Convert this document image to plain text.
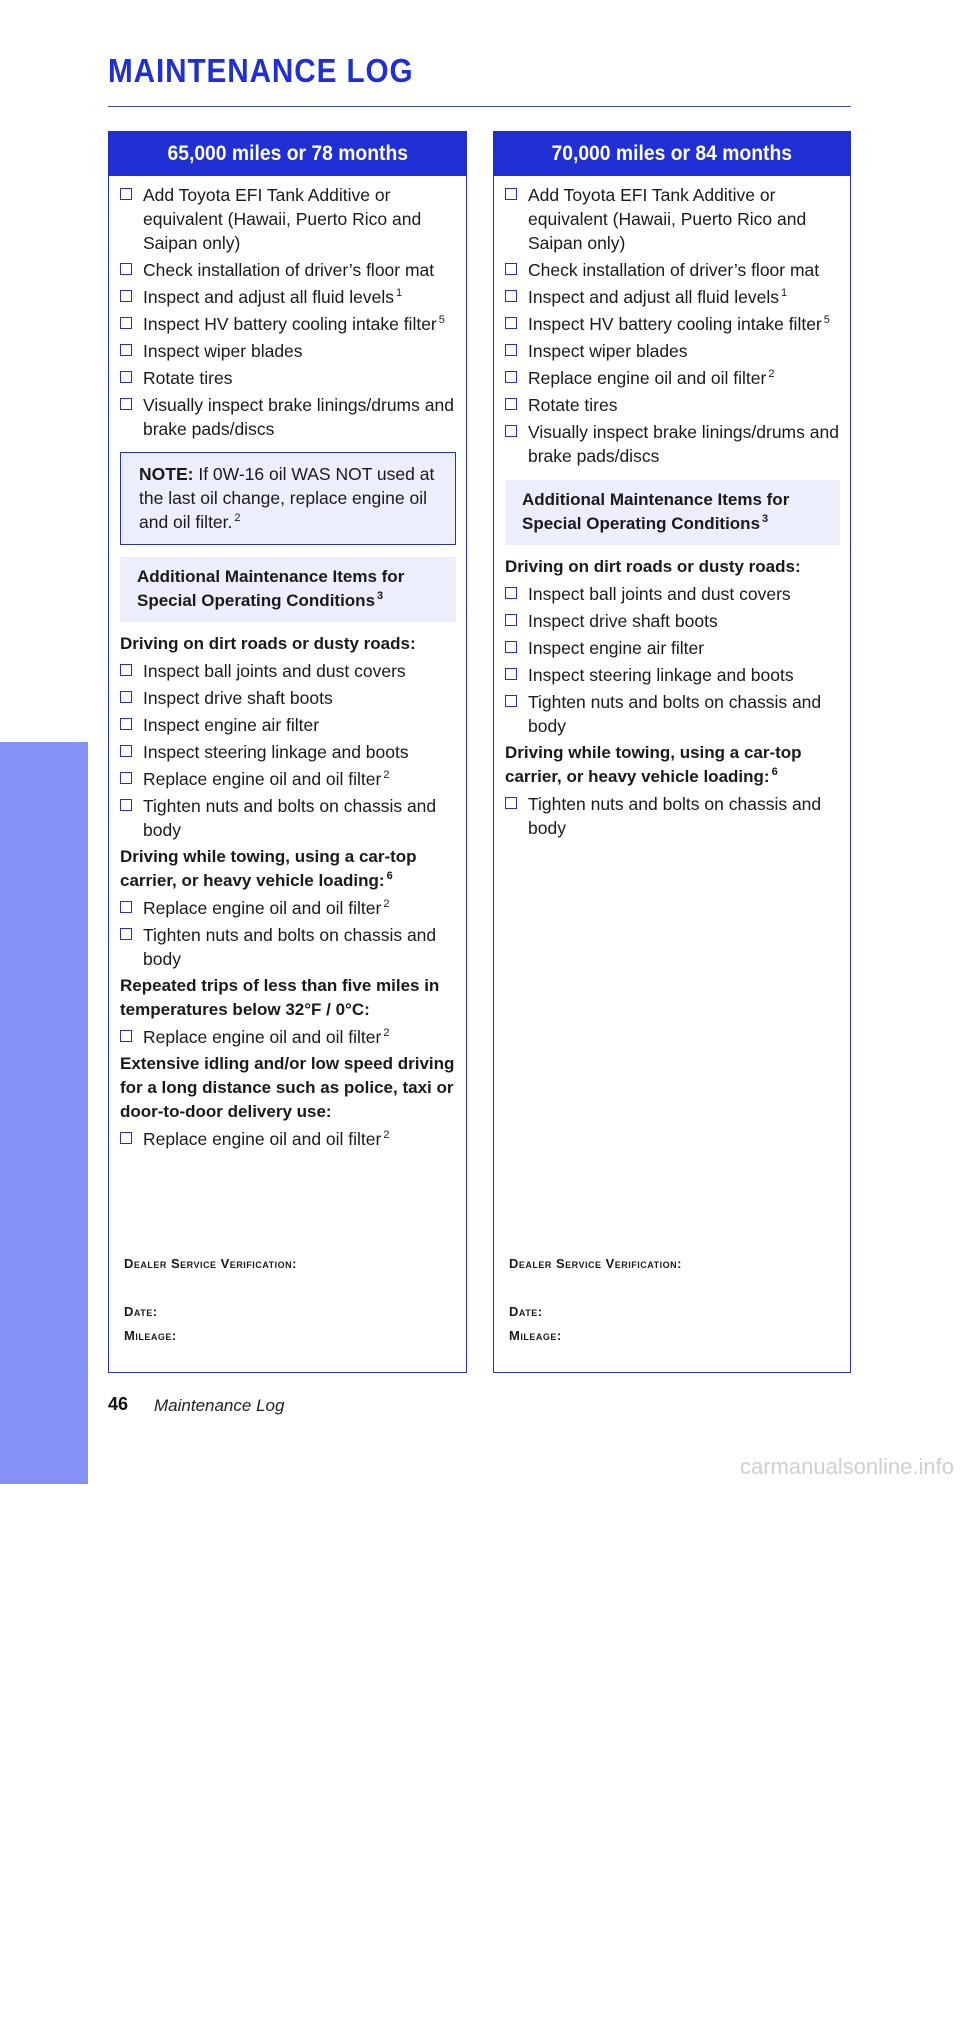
MAINTENANCE LOG
MAINTENANCE
65,000 miles or 78 months
Add Toyota EFI Tank Additive or equivalent (Hawaii, Puerto Rico and Saipan only)
Check installation of driver’s floor mat
Inspect and adjust all fluid levels $^1$
Inspect HV battery cooling intake filter $^5$
Inspect wiper blades
Rotate tires
Visually inspect brake linings/drums and brake pads/discs
NOTE: If 0W-16 oil WAS NOT used at the last oil change, replace engine oil and oil filter. $^2$
Additional Maintenance Items for Special Operating Conditions $^3$

Driving on dirt roads or dusty roads:

Inspect ball joints and dust covers
Inspect drive shaft boots
Inspect engine air filter
Inspect steering linkage and boots
Replace engine oil and oil filter $^2$
Tighten nuts and bolts on chassis and body

Driving while towing, using a car-top carrier, or heavy vehicle loading: $^6$

Replace engine oil and oil filter $^2$
Tighten nuts and bolts on chassis and body

Repeated trips of less than five miles in temperatures below 32°F / 0°C:

Replace engine oil and oil filter $^2$

Extensive idling and/or low speed driving for a long distance such as police, taxi or door-to-door delivery use:

Replace engine oil and oil filter $^2$
Dealer Service Verification:
Date:
Mileage:
70,000 miles or 84 months
Add Toyota EFI Tank Additive or equivalent (Hawaii, Puerto Rico and Saipan only)
Check installation of driver’s floor mat
Inspect and adjust all fluid levels $^1$
Inspect HV battery cooling intake filter $^5$
Inspect wiper blades
Replace engine oil and oil filter $^2$
Rotate tires
Visually inspect brake linings/drums and brake pads/discs
Additional Maintenance Items for Special Operating Conditions $^3$

Driving on dirt roads or dusty roads:

Inspect ball joints and dust covers
Inspect drive shaft boots
Inspect engine air filter
Inspect steering linkage and boots
Tighten nuts and bolts on chassis and body

Driving while towing, using a car-top carrier, or heavy vehicle loading: $^6$

Tighten nuts and bolts on chassis and body
Dealer Service Verification:
Date:
Mileage:
46 Maintenance Log
carmanualsonline.info
